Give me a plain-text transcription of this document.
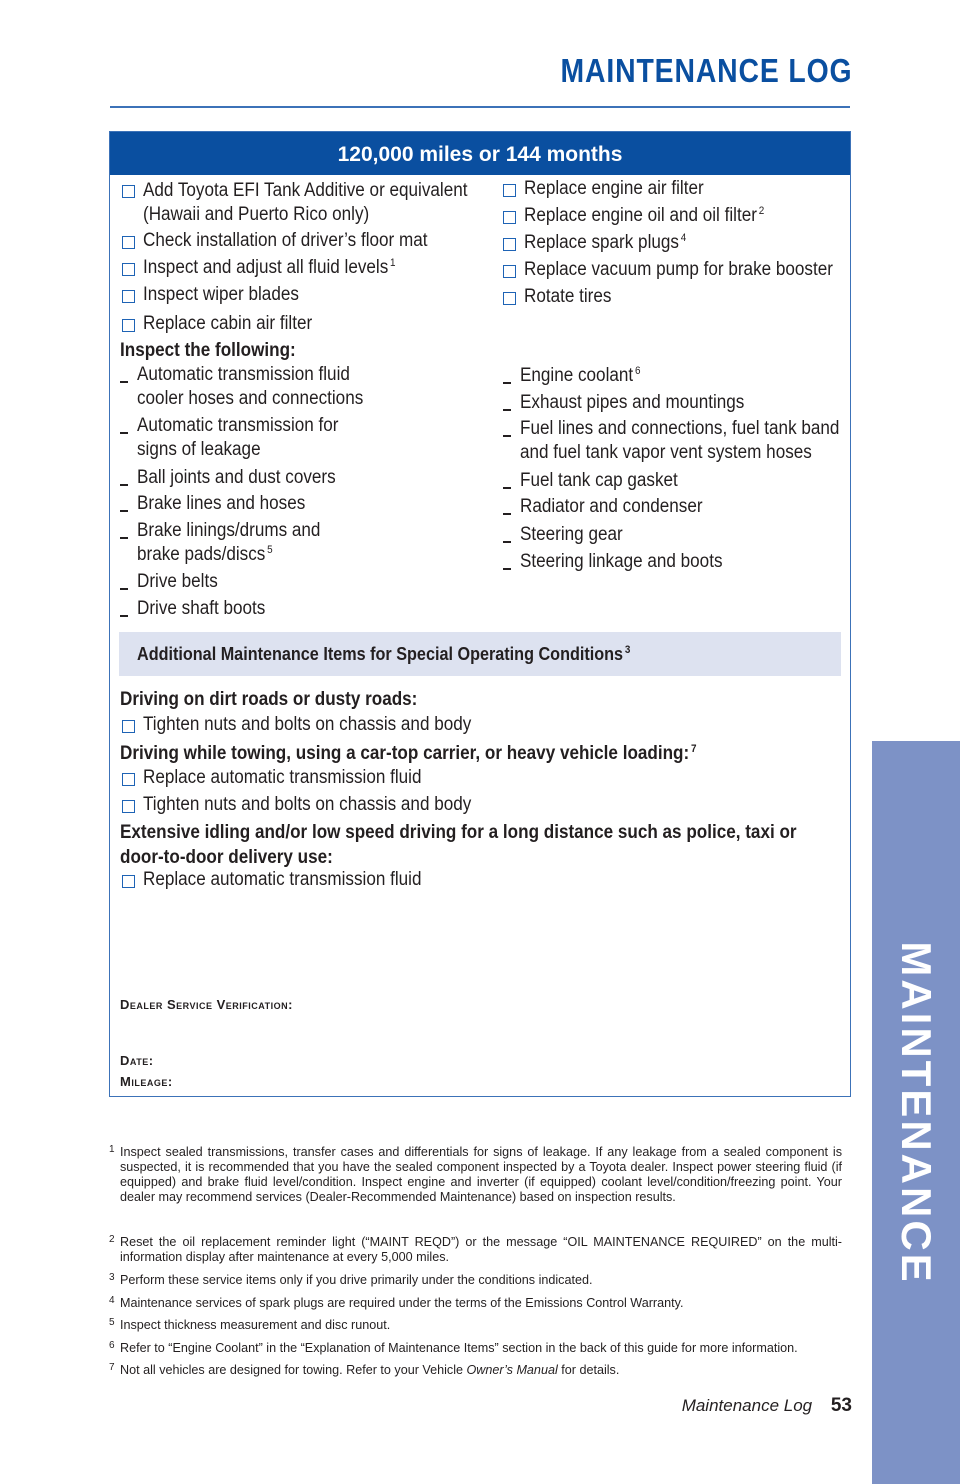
MAINTENANCE LOG
MAINTENANCE
120,000 miles or 144 months
Add Toyota EFI Tank Additive or equivalent
(Hawaii and Puerto Rico only)
Check installation of driver’s floor mat
Inspect and adjust all fluid levels $^1$
Inspect wiper blades
Replace cabin air filter
Replace engine air filter
Replace engine oil and oil filter $^2$
Replace spark plugs $^4$
Replace vacuum pump for brake booster
Rotate tires
Inspect the following:
Automatic transmission fluid
cooler hoses and connections
Automatic transmission for
signs of leakage
Ball joints and dust covers
Brake lines and hoses
Brake linings/drums and
brake pads/discs $^5$
Drive belts
Drive shaft boots
Engine coolant $^6$
Exhaust pipes and mountings
Fuel lines and connections, fuel tank band
and fuel tank vapor vent system hoses
Fuel tank cap gasket
Radiator and condenser
Steering gear
Steering linkage and boots
Additional Maintenance Items for Special Operating Conditions $^3$
Driving on dirt roads or dusty roads:
Tighten nuts and bolts on chassis and body
Driving while towing, using a car-top carrier, or heavy vehicle loading: $^7$
Replace automatic transmission fluid
Tighten nuts and bolts on chassis and body
Extensive idling and/or low speed driving for a long distance such as police, taxi or
door-to-door delivery use:
Replace automatic transmission fluid
Dealer Service Verification:
Date:
Mileage:
1 Inspect sealed transmissions, transfer cases and differentials for signs of leakage. If any leakage from a sealed component is suspected, it is recommended that you have the sealed component inspected by a Toyota dealer. Inspect power steering fluid (if equipped) and brake fluid level/condition. Inspect engine and inverter (if equipped) coolant level/condition/freezing point. Your dealer may recommend services (Dealer-Recommended Maintenance) based on inspection results.
2 Reset the oil replacement reminder light (“MAINT REQD”) or the message “OIL MAINTENANCE REQUIRED” on the multi-information display after maintenance at every 5,000 miles.
3 Perform these service items only if you drive primarily under the conditions indicated.
4 Maintenance services of spark plugs are required under the terms of the Emissions Control Warranty.
5 Inspect thickness measurement and disc runout.
6 Refer to “Engine Coolant” in the “Explanation of Maintenance Items” section in the back of this guide for more information.
7 Not all vehicles are designed for towing. Refer to your Vehicle Owner’s Manual for details.
Maintenance Log 53
